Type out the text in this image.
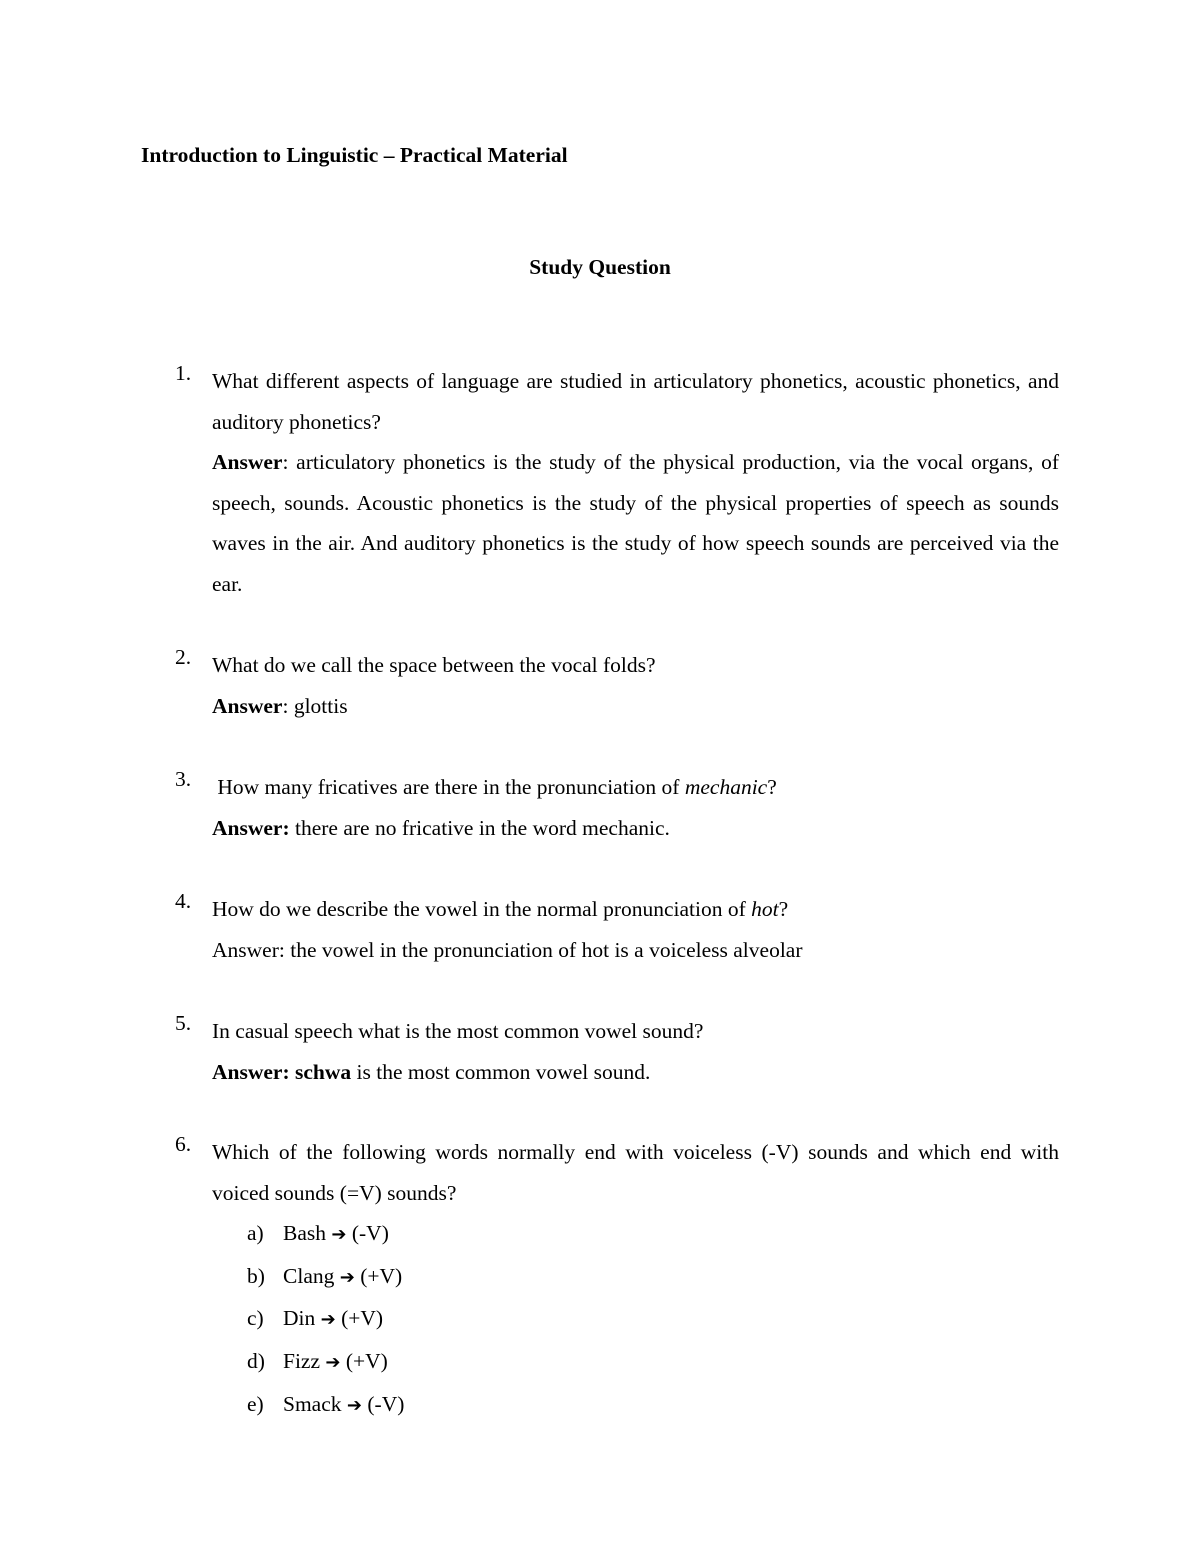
Introduction to Linguistic – Practical Material
Study Question
1. What different aspects of language are studied in articulatory phonetics, acoustic phonetics, and auditory phonetics?
Answer: articulatory phonetics is the study of the physical production, via the vocal organs, of speech, sounds. Acoustic phonetics is the study of the physical properties of speech as sounds waves in the air. And auditory phonetics is the study of how speech sounds are perceived via the ear.
2. What do we call the space between the vocal folds?
Answer: glottis
3. How many fricatives are there in the pronunciation of mechanic?
Answer: there are no fricative in the word mechanic.
4. How do we describe the vowel in the normal pronunciation of hot?
Answer: the vowel in the pronunciation of hot is a voiceless alveolar
5. In casual speech what is the most common vowel sound?
Answer: schwa is the most common vowel sound.
6. Which of the following words normally end with voiceless (-V) sounds and which end with voiced sounds (=V) sounds?
a) Bash ➔ (-V)
b) Clang ➔ (+V)
c) Din ➔ (+V)
d) Fizz ➔ (+V)
e) Smack ➔ (-V)
